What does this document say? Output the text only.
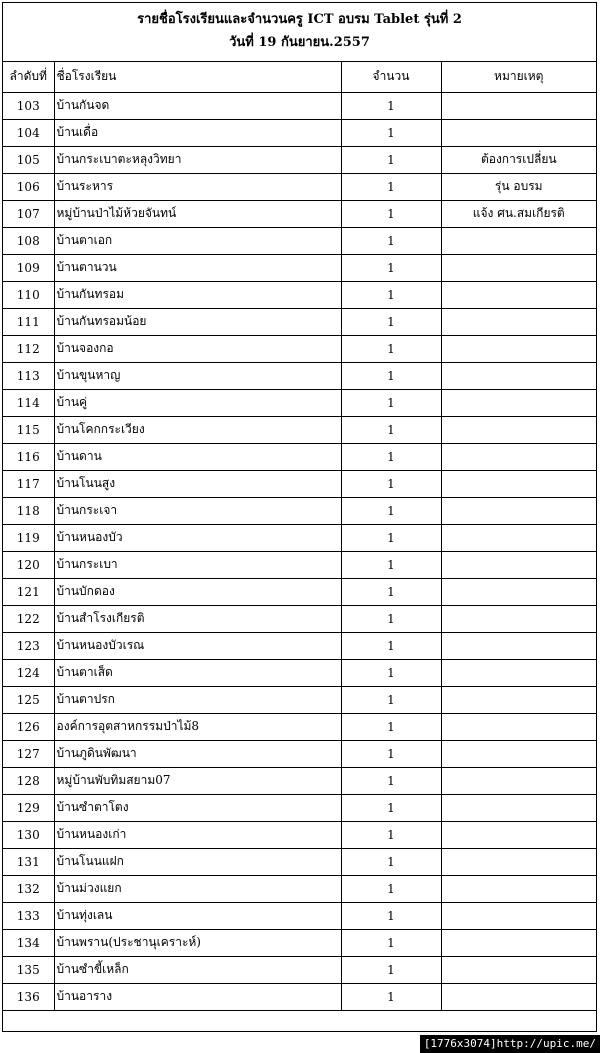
รายชื่อโรงเรียนและจำนวนครู ICT อบรม Tablet รุ่นที่ 2
วันที่ 19 กันยายน.2557
ลำดับที่	ชื่อโรงเรียน	จำนวน	หมายเหตุ
103	บ้านกันจด	1	
104	บ้านเดื่อ	1	
105	บ้านกระเบาตะหลุงวิทยา	1	ต้องการเปลี่ยน
106	บ้านระหาร	1	รุ่น อบรม
107	หมู่บ้านป่าไม้ห้วยจันทน์	1	แจ้ง ศน.สมเกียรติ
108	บ้านตาเอก	1	
109	บ้านตานวน	1	
110	บ้านกันทรอม	1	
111	บ้านกันทรอมน้อย	1	
112	บ้านจองกอ	1	
113	บ้านขุนหาญ	1	
114	บ้านคู่	1	
115	บ้านโคกกระเวียง	1	
116	บ้านดาน	1	
117	บ้านโนนสูง	1	
118	บ้านกระเจา	1	
119	บ้านหนองบัว	1	
120	บ้านกระเบา	1	
121	บ้านบักดอง	1	
122	บ้านสำโรงเกียรติ	1	
123	บ้านหนองบัวเรณ	1	
124	บ้านตาเส็ด	1	
125	บ้านตาปรก	1	
126	องค์การอุตสาหกรรมป่าไม้8	1	
127	บ้านภูดินพัฒนา	1	
128	หมู่บ้านพับทิมสยาม07	1	
129	บ้านซำตาโตง	1	
130	บ้านหนองเก่า	1	
131	บ้านโนนแฝก	1	
132	บ้านม่วงแยก	1	
133	บ้านทุ่งเลน	1	
134	บ้านพราน(ประชานุเคราะห์)	1	
135	บ้านซำขี้เหล็ก	1	
136	บ้านอาราง	1	
[1776x3074]http://upic.me/
